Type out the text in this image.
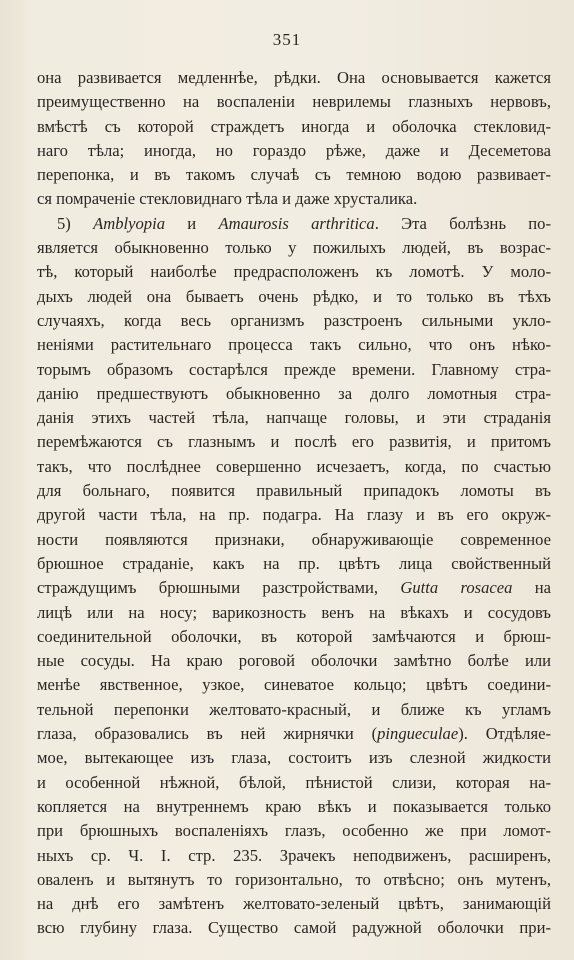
351
она развивается медленнѣе, рѣдки. Она основывается кажется
преимущественно на воспаленіи неврилемы глазныхъ нервовъ,
вмѣстѣ съ которой страждетъ иногда и оболочка стекловид-
наго тѣла; иногда, но гораздо рѣже, даже и Десеметова
перепонка, и въ такомъ случаѣ съ темною водою развивает-
ся помраченіе стекловиднаго тѣла и даже хрусталика.
5) Amblyopia и Amaurosis arthritica. Эта болѣзнь по-
является обыкновенно только у пожилыхъ людей, въ возрас-
тѣ, который наиболѣе предрасположенъ къ ломотѣ. У моло-
дыхъ людей она бываетъ очень рѣдко, и то только въ тѣхъ
случаяхъ, когда весь организмъ разстроенъ сильными укло-
неніями растительнаго процесса такъ сильно, что онъ нѣко-
торымъ образомъ состарѣлся прежде времени. Главному стра-
данію предшествуютъ обыкновенно за долго ломотныя стра-
данія этихъ частей тѣла, напчаще головы, и эти страданія
перемѣжаются съ глазнымъ и послѣ его развитія, и притомъ
такъ, что послѣднее совершенно исчезаетъ, когда, по счастью
для больнаго, появится правильный припадокъ ломоты въ
другой части тѣла, на пр. подагра. На глазу и въ его окруж-
ности появляются признаки, обнаруживающіе современное
брюшное страданіе, какъ на пр. цвѣтъ лица свойственный
страждущимъ брюшными разстройствами, Gutta rosacea на
лицѣ или на носу; варикозность венъ на вѣкахъ и сосудовъ
соединительной оболочки, въ которой замѣчаются и брюш-
ные сосуды. На краю роговой оболочки замѣтно болѣе или
менѣе явственное, узкое, синеватое кольцо; цвѣтъ соедини-
тельной перепонки желтовато-красный, и ближе къ угламъ
глаза, образовались въ ней жирнячки (pingueculae). Отдѣляе-
мое, вытекающее изъ глаза, состоитъ изъ слезной жидкости
и особенной нѣжной, бѣлой, пѣнистой слизи, которая на-
копляется на внутреннемъ краю вѣкъ и показывается только
при брюшныхъ воспаленіяхъ глазъ, особенно же при ломот-
ныхъ ср. Ч. I. стр. 235. Зрачекъ неподвиженъ, расширенъ,
оваленъ и вытянутъ то горизонтально, то отвѣсно; онъ мутенъ,
на днѣ его замѣтенъ желтовато-зеленый цвѣтъ, занимающій
всю глубину глаза. Существо самой радужной оболочки при-
